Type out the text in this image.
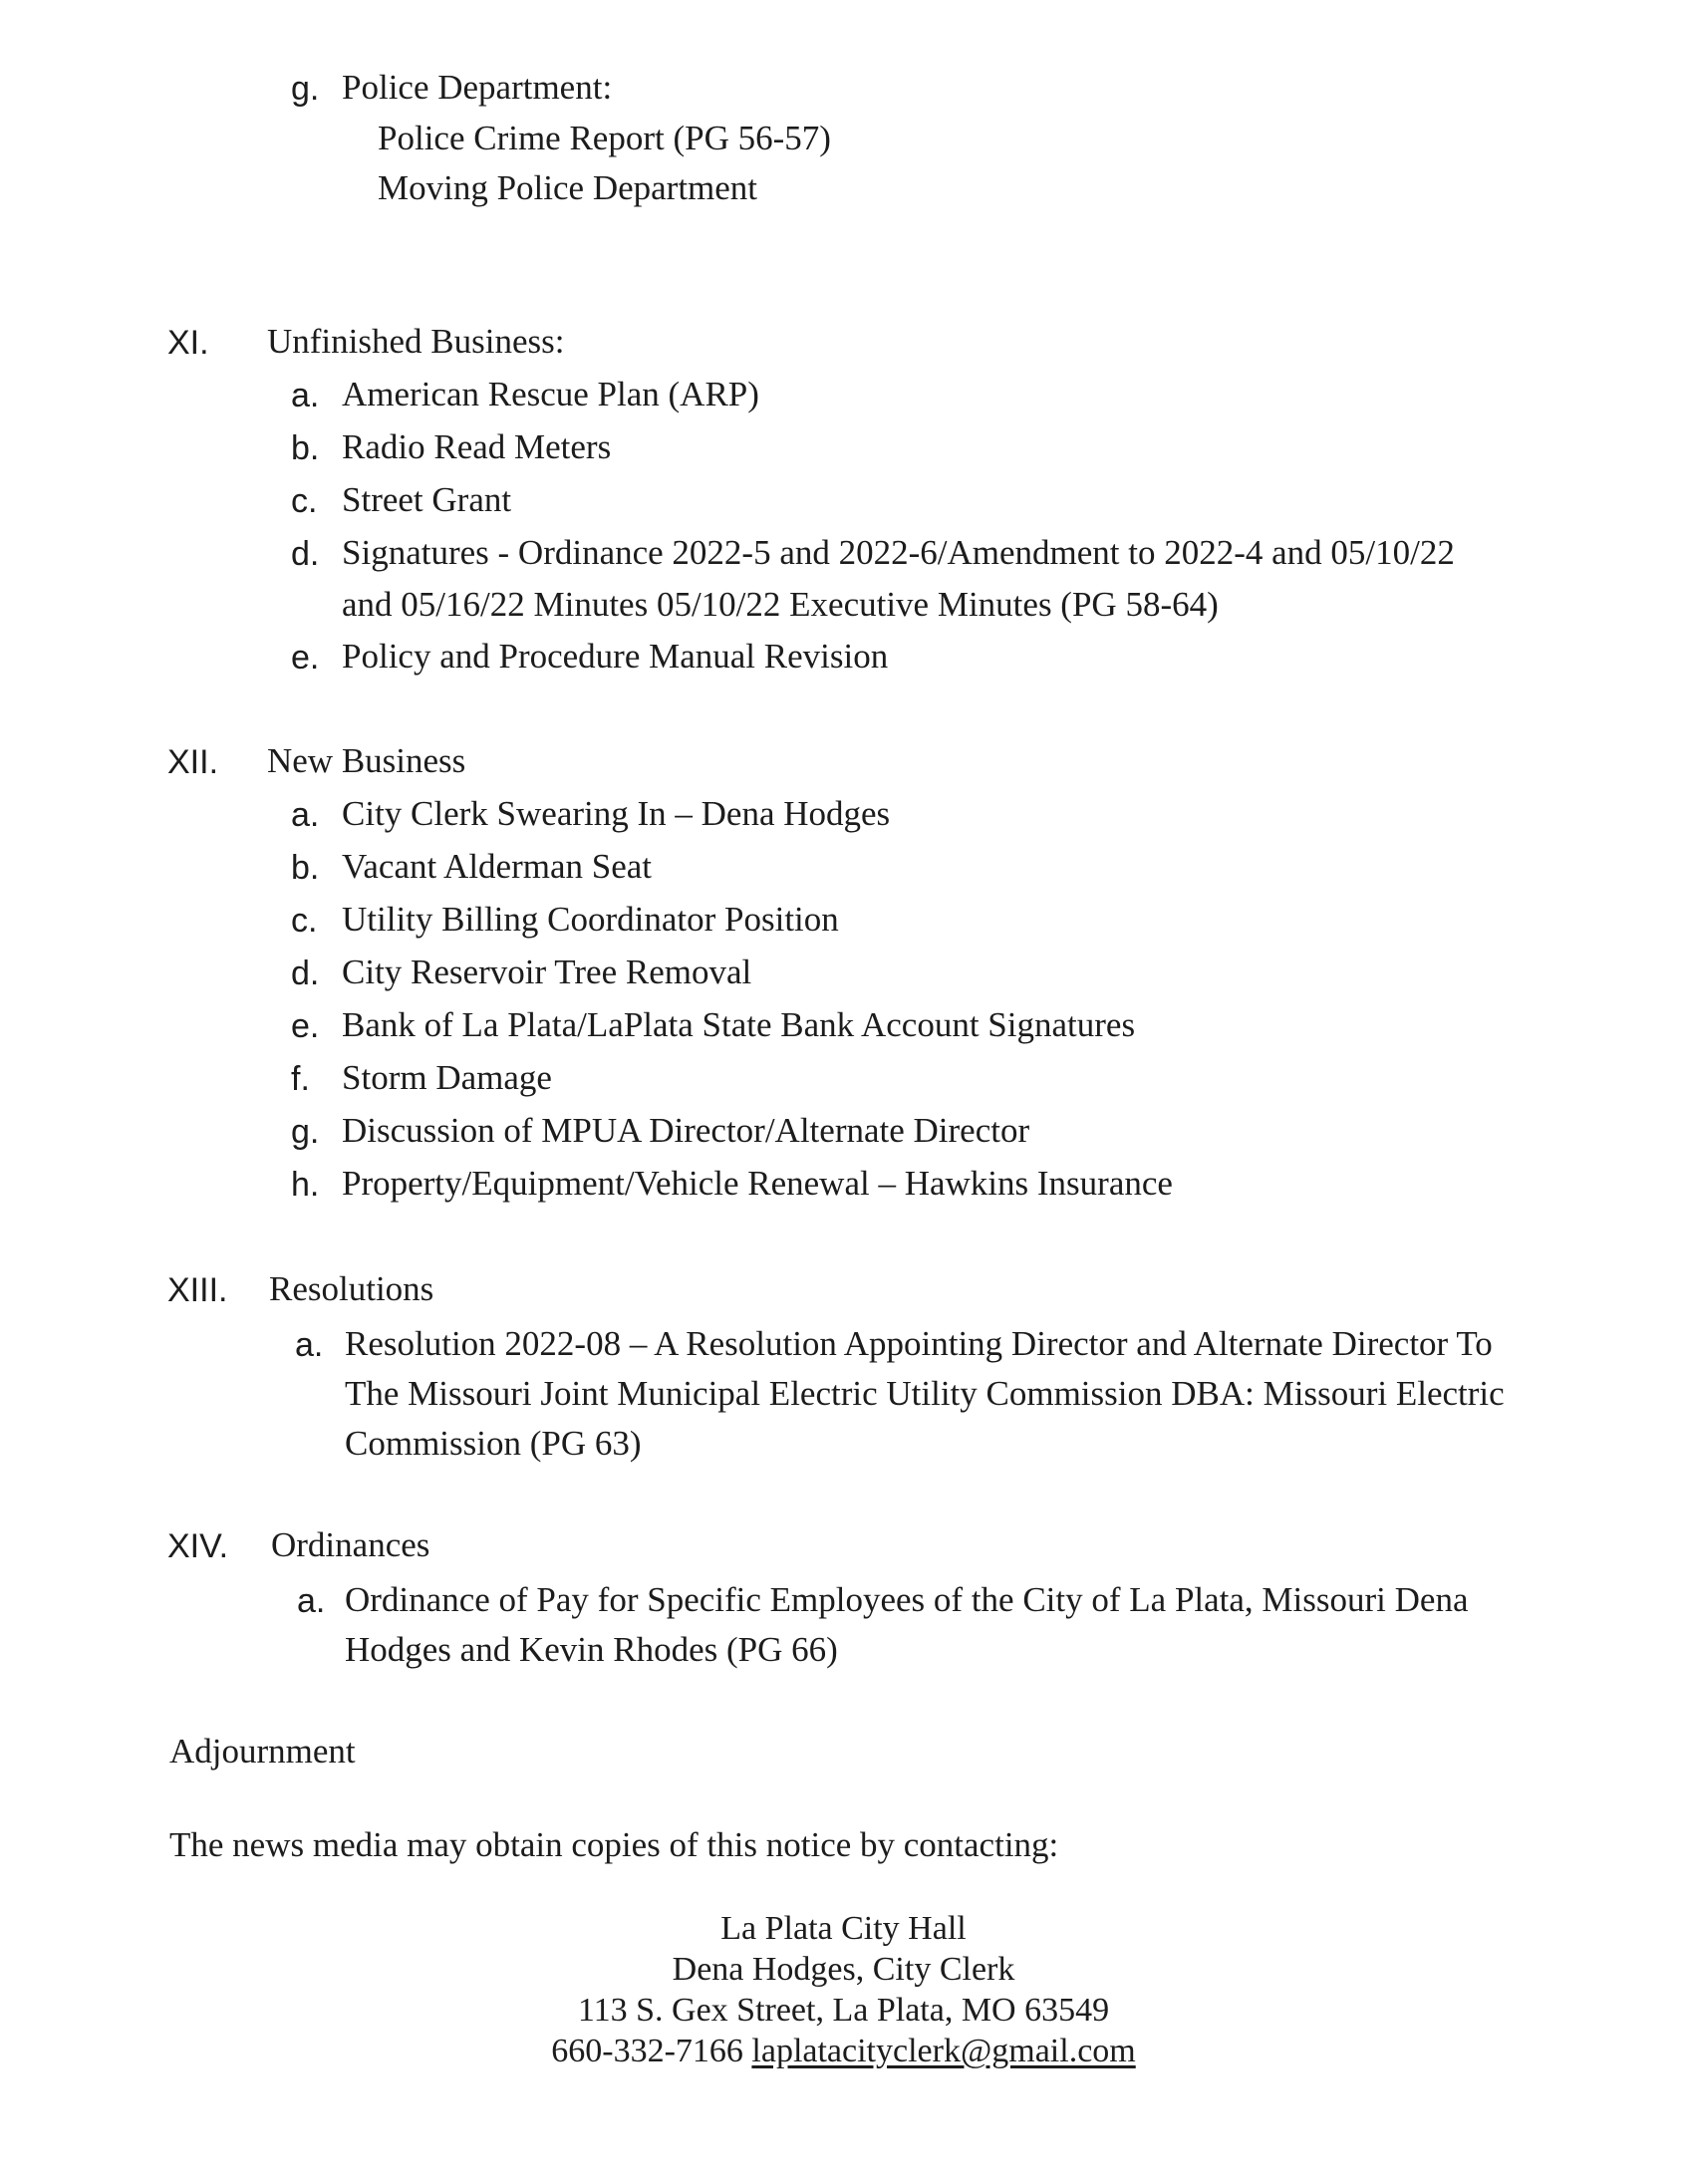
g. Police Department:
Police Crime Report (PG 56-57)
Moving Police Department
XI. Unfinished Business:
a. American Rescue Plan (ARP)
b. Radio Read Meters
c. Street Grant
d. Signatures - Ordinance 2022-5 and 2022-6/Amendment to 2022-4 and 05/10/22
and 05/16/22 Minutes 05/10/22 Executive Minutes (PG 58-64)
e. Policy and Procedure Manual Revision
XII. New Business
a. City Clerk Swearing In – Dena Hodges
b. Vacant Alderman Seat
c. Utility Billing Coordinator Position
d. City Reservoir Tree Removal
e. Bank of La Plata/LaPlata State Bank Account Signatures
f. Storm Damage
g. Discussion of MPUA Director/Alternate Director
h. Property/Equipment/Vehicle Renewal – Hawkins Insurance
XIII. Resolutions
a. Resolution 2022-08 – A Resolution Appointing Director and Alternate Director To
The Missouri Joint Municipal Electric Utility Commission DBA: Missouri Electric
Commission (PG 63)
XIV. Ordinances
a. Ordinance of Pay for Specific Employees of the City of La Plata, Missouri Dena
Hodges and Kevin Rhodes (PG 66)
Adjournment
The news media may obtain copies of this notice by contacting:
La Plata City Hall
Dena Hodges, City Clerk
113 S. Gex Street, La Plata, MO 63549
660-332-7166 laplatacityclerk@gmail.com
